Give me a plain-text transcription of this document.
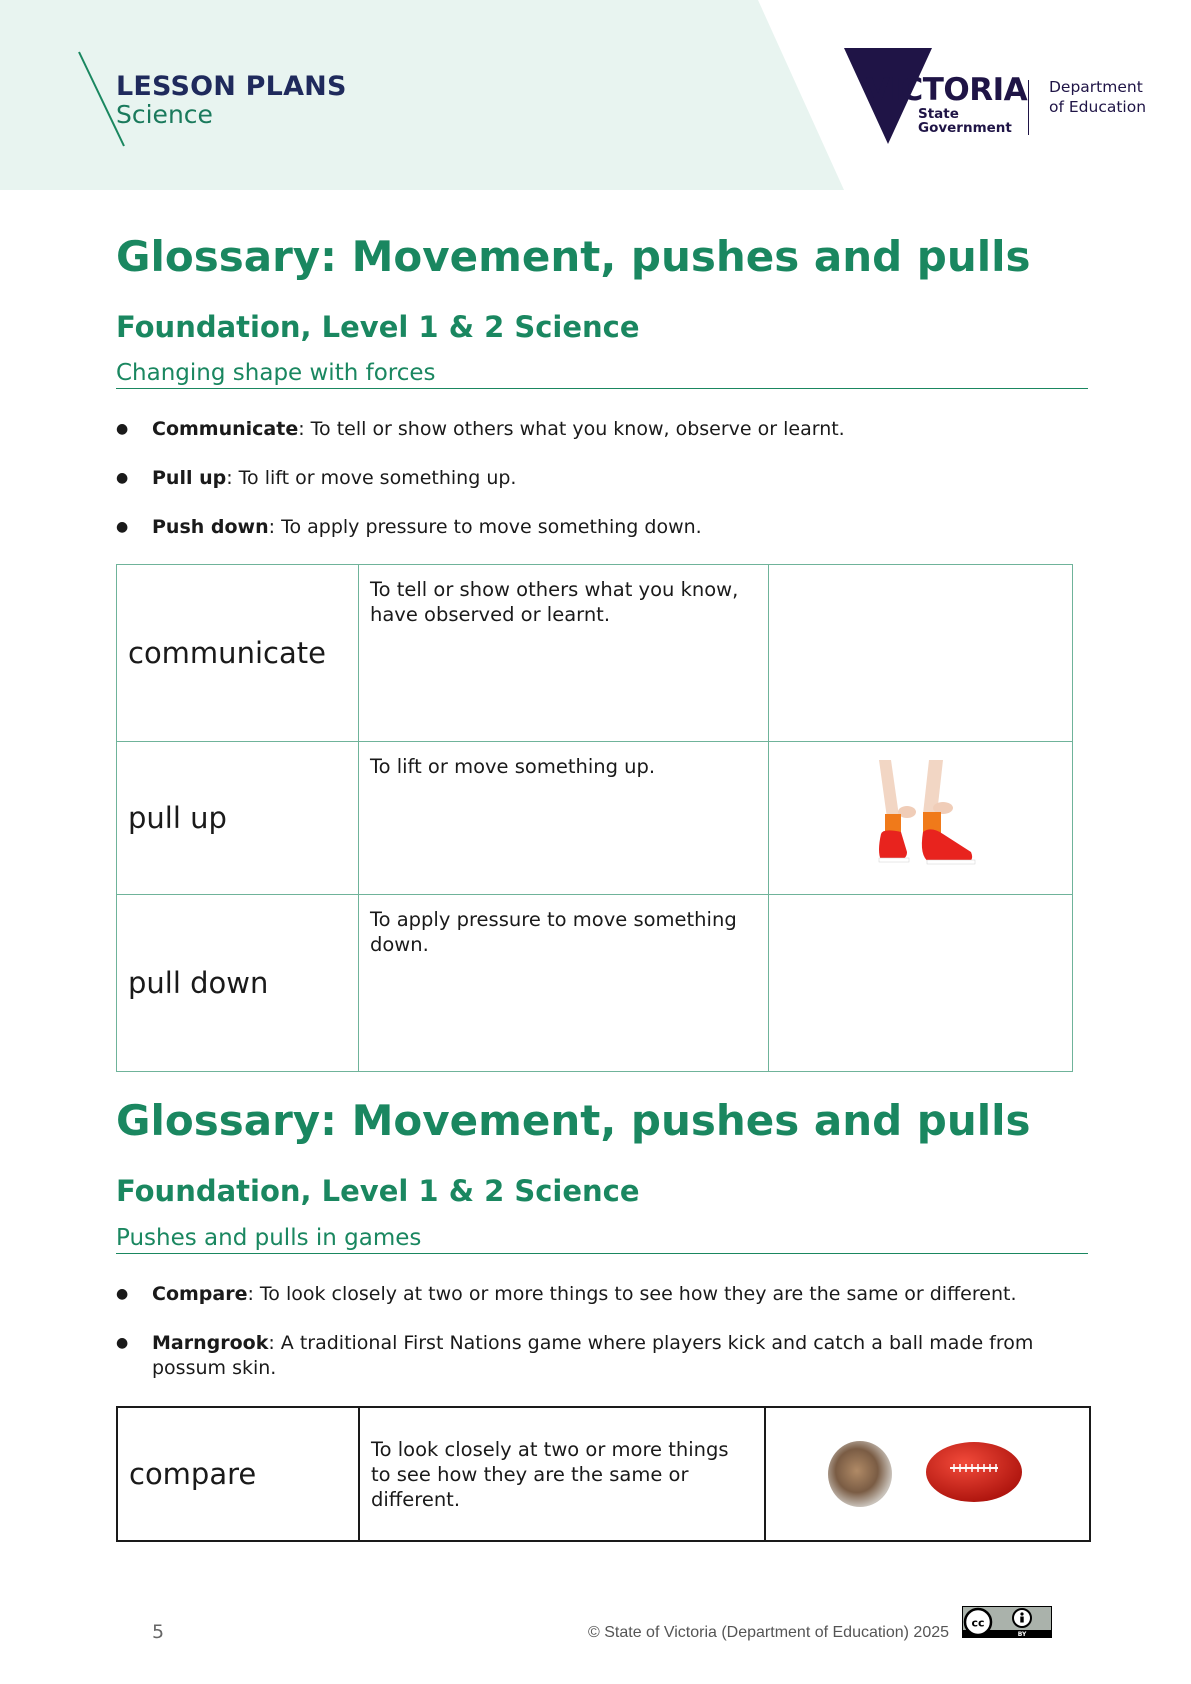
LESSON PLANS
Science
VICTORIA
State
Government
Department
of Education
Glossary: Movement, pushes and pulls
Foundation, Level 1 & 2 Science
Changing shape with forces
● Communicate: To tell or show others what you know, observe or learnt.
● Pull up: To lift or move something up.
● Push down: To apply pressure to move something down.
communicate	To tell or show others what you know, have observed or learnt.	
pull up	To lift or move something up.	
pull down	To apply pressure to move something down.	
Glossary: Movement, pushes and pulls
Foundation, Level 1 & 2 Science
Pushes and pulls in games
● Compare: To look closely at two or more things to see how they are the same or different.
● Marngrook: A traditional First Nations game where players kick and catch a ball made from possum skin.
compare	To look closely at two or more things to see how they are the same or different.	
5	© State of Victoria (Department of Education) 2025
cc
BY
